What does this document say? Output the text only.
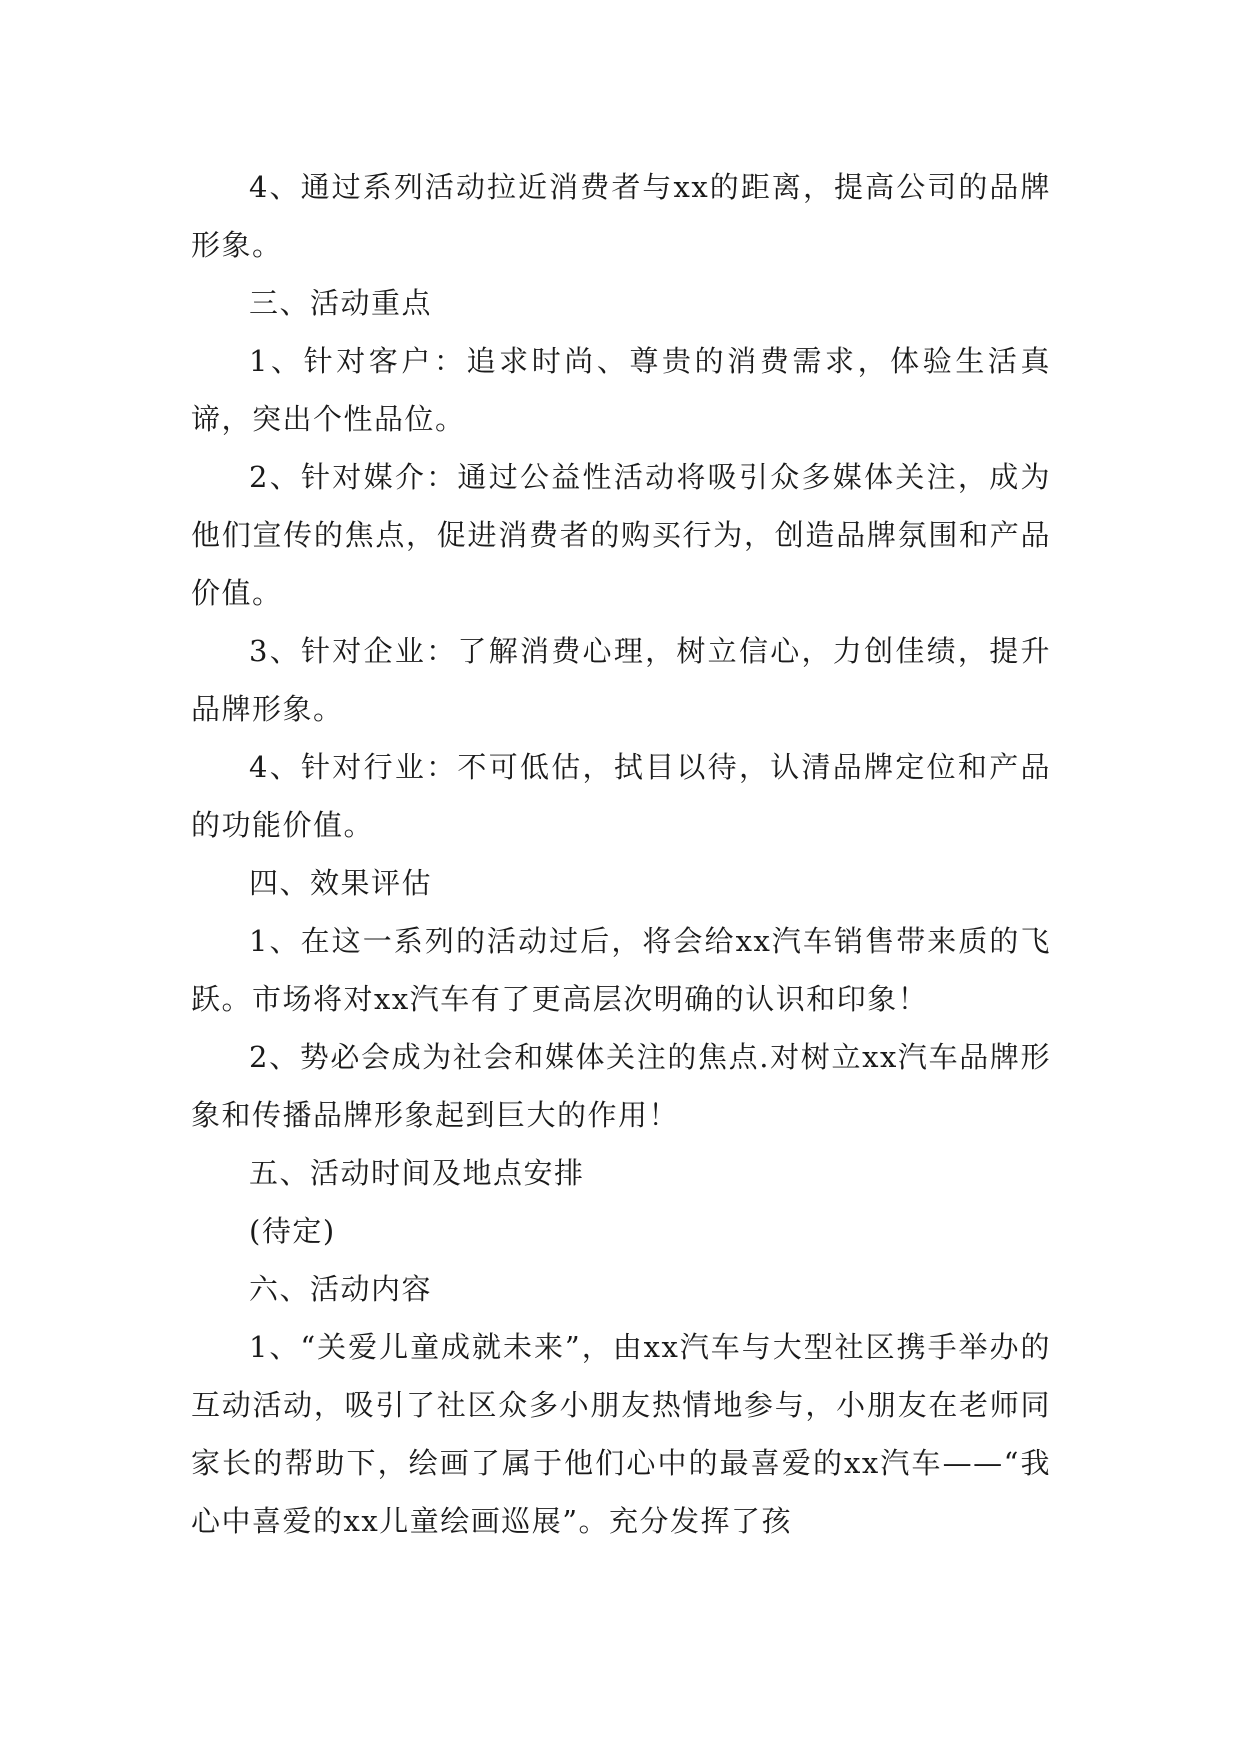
4、通过系列活动拉近消费者与xx的距离，提高公司的品牌形象。

三、活动重点

1、针对客户：追求时尚、尊贵的消费需求，体验生活真谛，突出个性品位。

2、针对媒介：通过公益性活动将吸引众多媒体关注，成为他们宣传的焦点，促进消费者的购买行为，创造品牌氛围和产品价值。

3、针对企业：了解消费心理，树立信心，力创佳绩，提升品牌形象。

4、针对行业：不可低估，拭目以待，认清品牌定位和产品的功能价值。

四、效果评估

1、在这一系列的活动过后，将会给xx汽车销售带来质的飞跃。市场将对xx汽车有了更高层次明确的认识和印象！

2、势必会成为社会和媒体关注的焦点.对树立xx汽车品牌形象和传播品牌形象起到巨大的作用！

五、活动时间及地点安排

(待定)

六、活动内容

1、“关爱儿童成就未来”，由xx汽车与大型社区携手举办的互动活动，吸引了社区众多小朋友热情地参与，小朋友在老师同家长的帮助下，绘画了属于他们心中的最喜爱的xx汽车——“我心中喜爱的xx儿童绘画巡展”。充分发挥了孩
